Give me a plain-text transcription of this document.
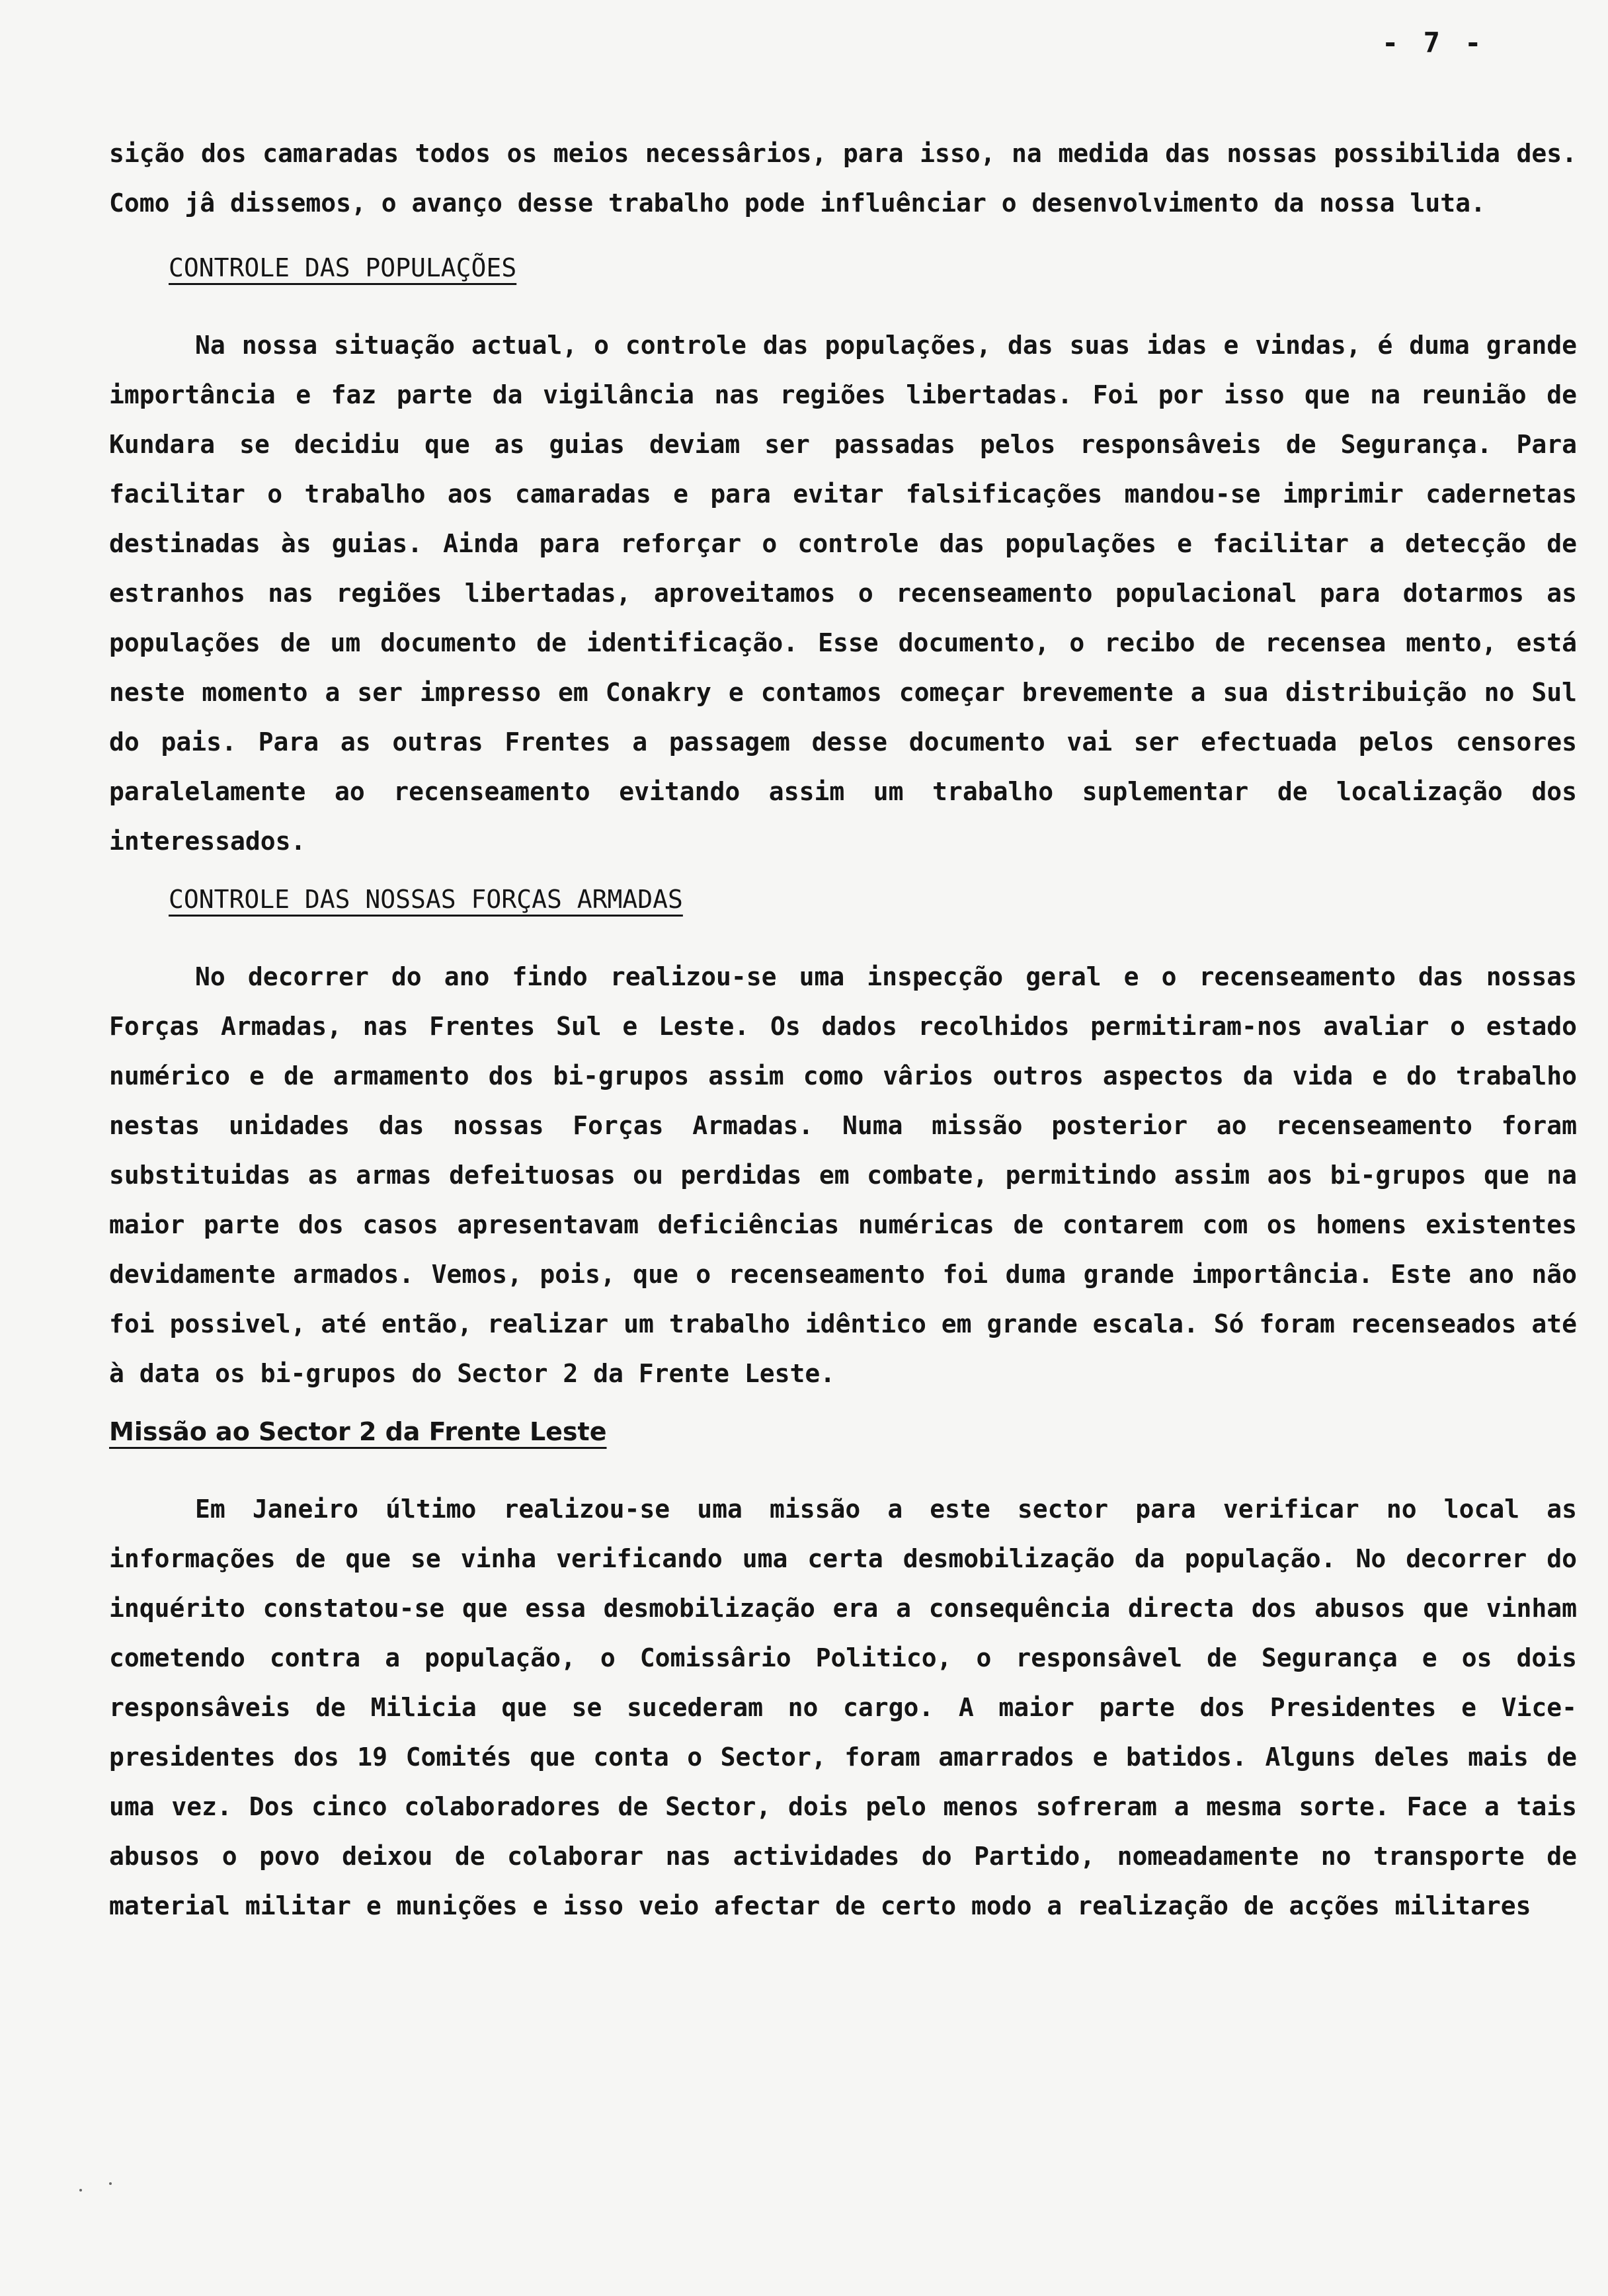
- 7 -

sição dos camaradas todos os meios necessârios, para isso, na medida das nossas possibilida des. Como jâ dissemos, o avanço desse trabalho pode influênciar o desenvolvimento da nossa luta.

CONTROLE DAS POPULAÇÕES

Na nossa situação actual, o controle das populações, das suas idas e vindas, é duma grande importância e faz parte da vigilância nas regiões libertadas. Foi por isso que na reunião de Kundara se decidiu que as guias deviam ser passadas pelos responsâveis de Segurança. Para facilitar o trabalho aos camaradas e para evitar falsificações mandou-se imprimir cadernetas destinadas às guias. Ainda para reforçar o controle das populações e facilitar a detecção de estranhos nas regiões libertadas, aproveitamos o recenseamento populacional para dotarmos as populações de um documento de identificação. Esse documento, o recibo de recensea mento, está neste momento a ser impresso em Conakry e contamos começar brevemente a sua distribuição no Sul do pais. Para as outras Frentes a passagem desse documento vai ser efectuada pelos censores paralelamente ao recenseamento evitando assim um trabalho suplementar de localização dos interessados.

CONTROLE DAS NOSSAS FORÇAS ARMADAS

No decorrer do ano findo realizou-se uma inspecção geral e o recenseamento das nossas Forças Armadas, nas Frentes Sul e Leste. Os dados recolhidos permitiram-nos avaliar o estado numérico e de armamento dos bi-grupos assim como vârios outros aspectos da vida e do trabalho nestas unidades das nossas Forças Armadas. Numa missão posterior ao recenseamento foram substituidas as armas defeituosas ou perdidas em combate, permitindo assim aos bi-grupos que na maior parte dos casos apresentavam deficiências numéricas de contarem com os homens existentes devidamente armados. Vemos, pois, que o recenseamento foi duma grande importância. Este ano não foi possivel, até então, realizar um trabalho idêntico em grande escala. Só foram recenseados até à data os bi-grupos do Sector 2 da Frente Leste.

Missão ao Sector 2 da Frente Leste

Em Janeiro último realizou-se uma missão a este sector para verificar no local as informações de que se vinha verificando uma certa desmobilização da população. No decorrer do inquérito constatou-se que essa desmobilização era a consequência directa dos abusos que vinham cometendo contra a população, o Comissârio Politico, o responsâvel de Segurança e os dois responsâveis de Milicia que se sucederam no cargo. A maior parte dos Presidentes e Vice-presidentes dos 19 Comités que conta o Sector, foram amarrados e batidos. Alguns deles mais de uma vez. Dos cinco colaboradores de Sector, dois pelo menos sofreram a mesma sorte. Face a tais abusos o povo deixou de colaborar nas actividades do Partido, nomeadamente no transporte de material militar e munições e isso veio afectar de certo modo a realização de acções militares
